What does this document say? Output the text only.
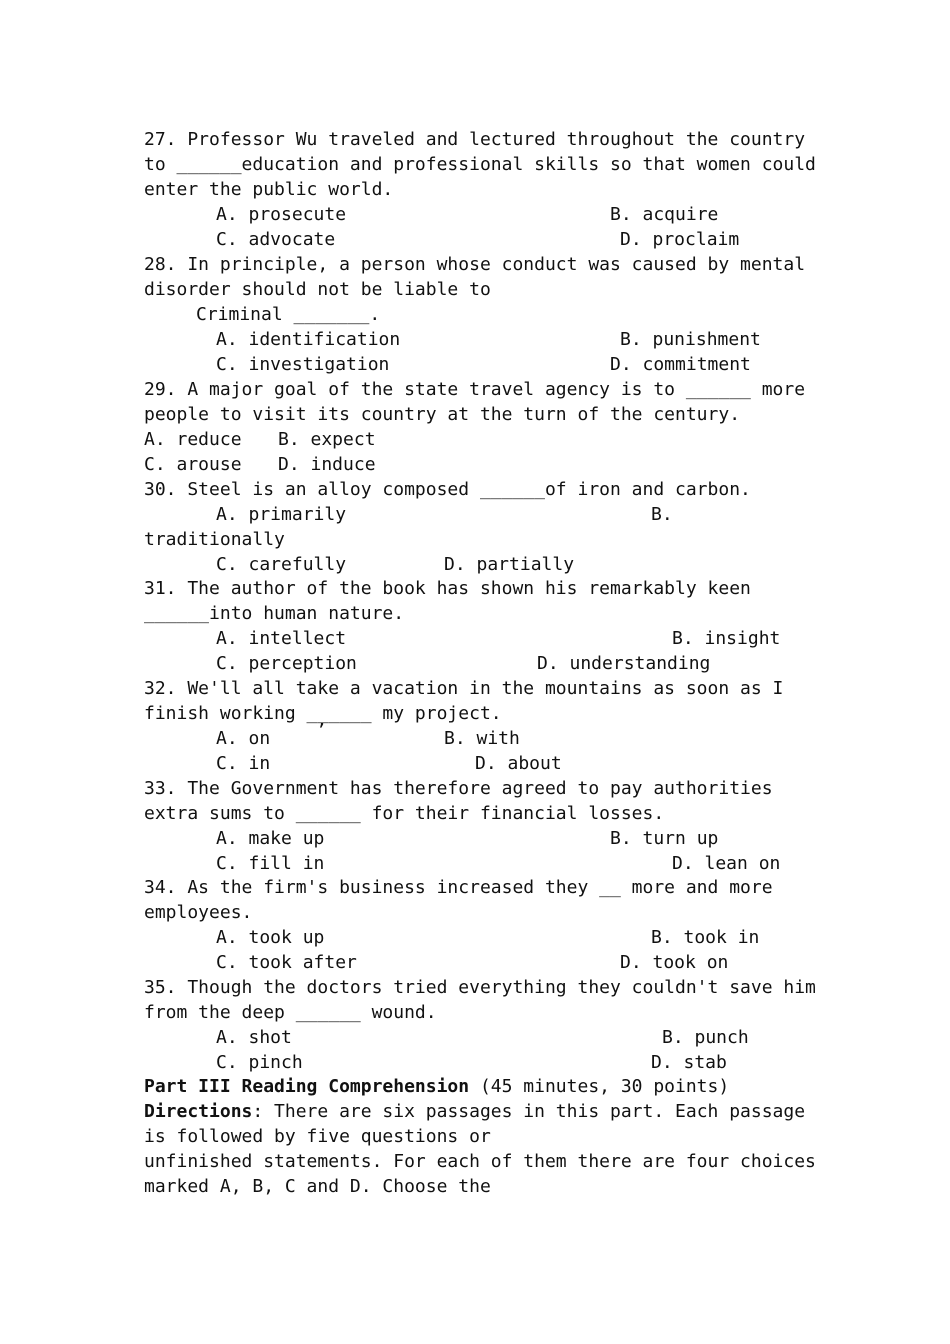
27. Professor Wu traveled and lectured throughout the country
to ______education and professional skills so that women could
enter the public world.
A. prosecute	B. acquire
C. advocate	D. proclaim
28. In principle, a person whose conduct was caused by mental
disorder should not be liable to
Criminal _______.
A. identification	B. punishment
C. investigation	D. commitment
29. A major goal of the state travel agency is to ______ more
people to visit its country at the turn of the century.
A. reduce B. expect
C. arouse D. induce
30. Steel is an alloy composed ______of iron and carbon.
A. primarily	B.
traditionally
C. carefully	D. partially
31. The author of the book has shown his remarkably keen
______into human nature.
A. intellect	B. insight
C. perception	D. understanding
32. We'll all take a vacation in the mountains as soon as I
finish working ______ my project.
A. on	’	B. with
C. in	D. about
33. The Government has therefore agreed to pay authorities
extra sums to ______ for their financial losses.
A. make up	B. turn up
C. fill in	D. lean on
34. As the firm's business increased they __ more and more
employees.
A. took up	B. took in
C. took after	D. took on
35. Though the doctors tried everything they couldn't save him
from the deep ______ wound.
A. shot	B. punch
C. pinch	D. stab
Part III Reading Comprehension (45 minutes, 30 points)
Directions: There are six passages in this part. Each passage
is followed by five questions or
unfinished statements. For each of them there are four choices
marked A, B, C and D. Choose the
